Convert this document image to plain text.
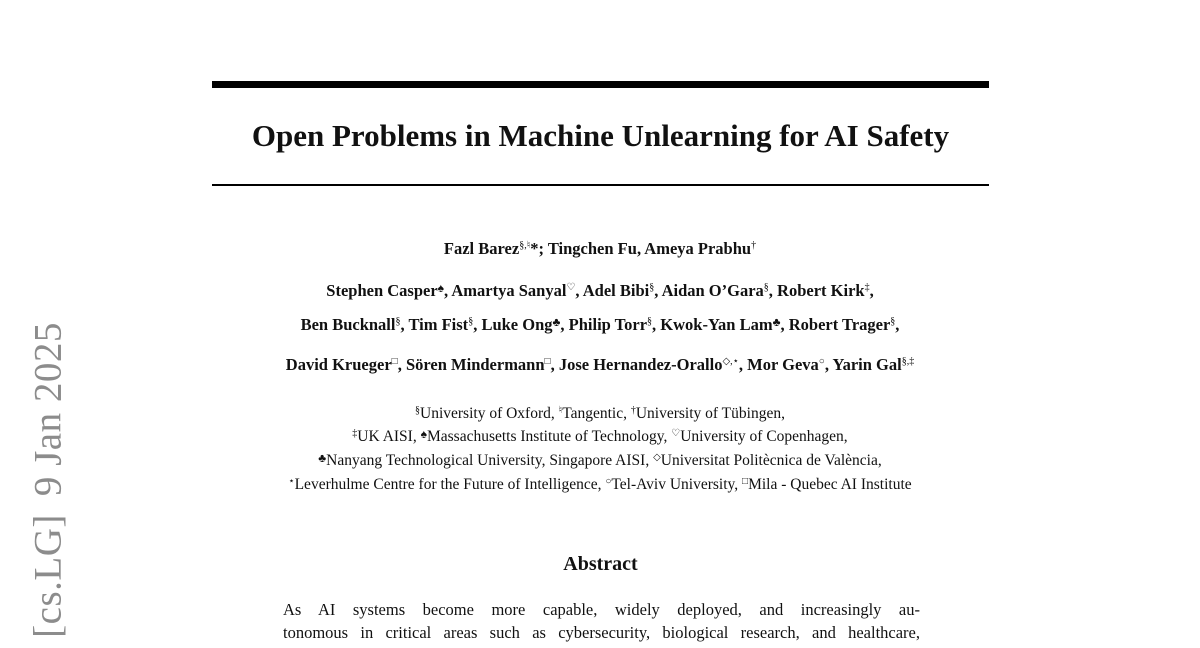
[cs.LG]9 Jan 2025
Open Problems in Machine Unlearning for AI Safety
Fazl Barez§,♮*; Tingchen Fu, Ameya Prabhu†
Stephen Casper♠, Amartya Sanyal♡, Adel Bibi§, Aidan O’Gara§, Robert Kirk‡,
Ben Bucknall§, Tim Fist§, Luke Ong♣, Philip Torr§, Kwok-Yan Lam♣, Robert Trager§,
David Krueger□, Sören Mindermann□, Jose Hernandez-Orallo◇,⋆, Mor Geva○, Yarin Gal§,‡
§University of Oxford, ♮Tangentic, †University of Tübingen,
‡UK AISI, ♠Massachusetts Institute of Technology, ♡University of Copenhagen,
♣Nanyang Technological University, Singapore AISI, ◇Universitat Politècnica de València,
⋆Leverhulme Centre for the Future of Intelligence, ○Tel-Aviv University, □Mila - Quebec AI Institute
Abstract
As AI systems become more capable, widely deployed, and increasingly au-
tonomous in critical areas such as cybersecurity, biological research, and healthcare,
